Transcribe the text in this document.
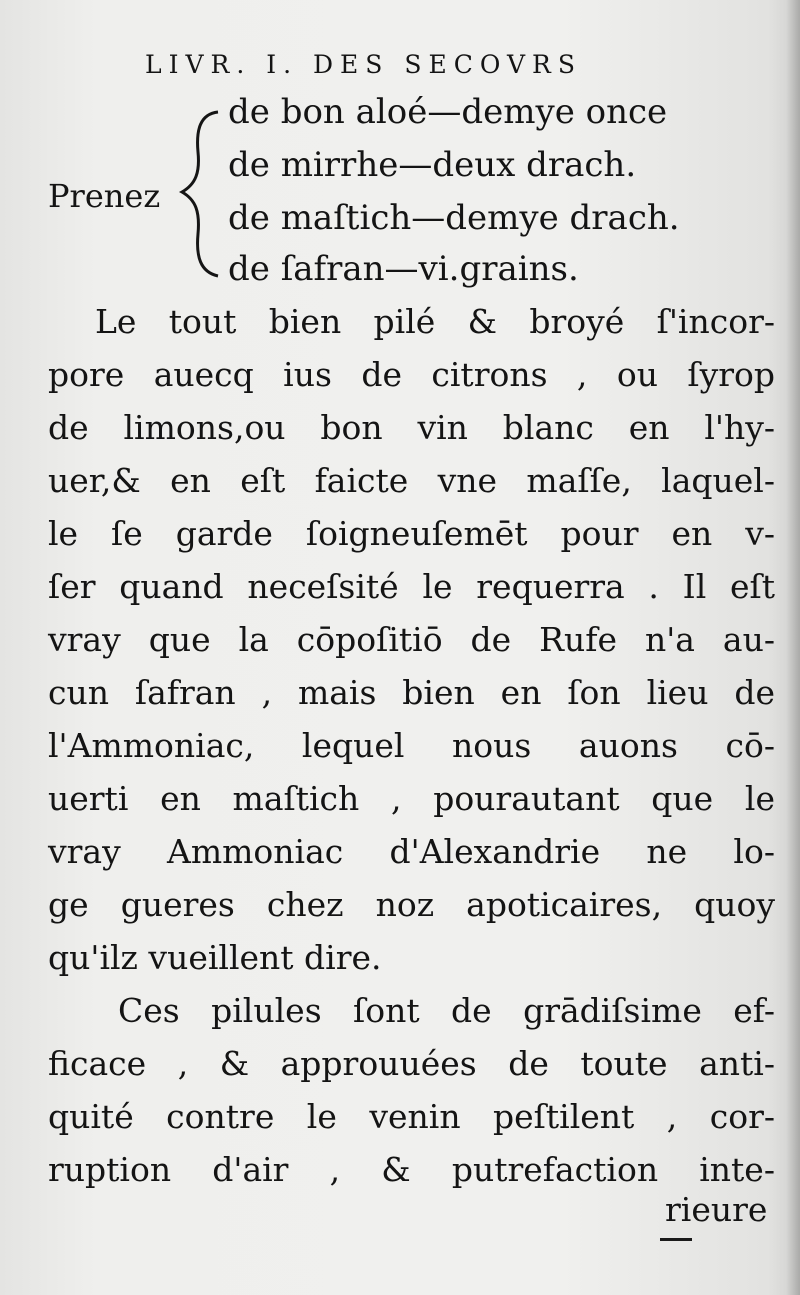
LIVR. I. DES SECOVRS
Prenez
de bon aloé—demye once
de mirrhe—deux drach.
de maſtich—demye drach.
de ſafran—vi.grains.
Le tout bien pilé & broyé ſ'incor-
pore auecq ius de citrons , ou ſyrop
de limons,ou bon vin blanc en l'hy-
uer,& en eſt faicte vne maſſe, laquel-
le ſe garde ſoigneuſemēt pour en v-
ſer quand neceſsité le requerra . Il eſt
vray que la cōpoſitiō de Rufe n'a au-
cun ſafran , mais bien en ſon lieu de
l'Ammoniac, lequel nous auons cō-
uerti en maſtich , pourautant que le
vray Ammoniac d'Alexandrie ne lo-
ge gueres chez noz apoticaires, quoy
qu'ilz vueillent dire.
Ces pilules ſont de grādiſsime ef-
ficace , & approuuées de toute anti-
quité contre le venin peſtilent , cor-
ruption d'air , & putrefaction inte-
rieure
